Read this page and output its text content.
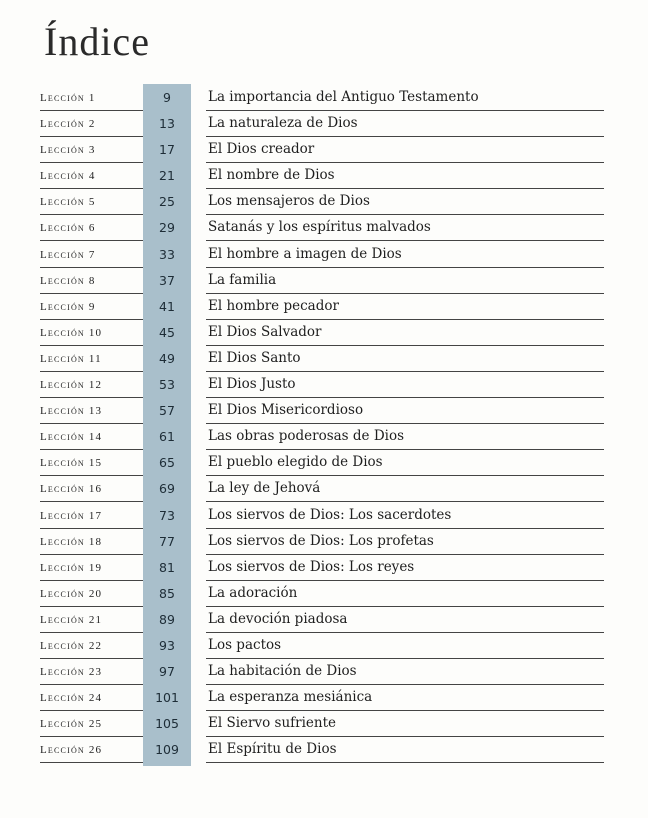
Índice
Lección 1	9	La importancia del Antiguo Testamento
Lección 2	13	La naturaleza de Dios
Lección 3	17	El Dios creador
Lección 4	21	El nombre de Dios
Lección 5	25	Los mensajeros de Dios
Lección 6	29	Satanás y los espíritus malvados
Lección 7	33	El hombre a imagen de Dios
Lección 8	37	La familia
Lección 9	41	El hombre pecador
Lección 10	45	El Dios Salvador
Lección 11	49	El Dios Santo
Lección 12	53	El Dios Justo
Lección 13	57	El Dios Misericordioso
Lección 14	61	Las obras poderosas de Dios
Lección 15	65	El pueblo elegido de Dios
Lección 16	69	La ley de Jehová
Lección 17	73	Los siervos de Dios: Los sacerdotes
Lección 18	77	Los siervos de Dios: Los profetas
Lección 19	81	Los siervos de Dios: Los reyes
Lección 20	85	La adoración
Lección 21	89	La devoción piadosa
Lección 22	93	Los pactos
Lección 23	97	La habitación de Dios
Lección 24	101	La esperanza mesiánica
Lección 25	105	El Siervo sufriente
Lección 26	109	El Espíritu de Dios
